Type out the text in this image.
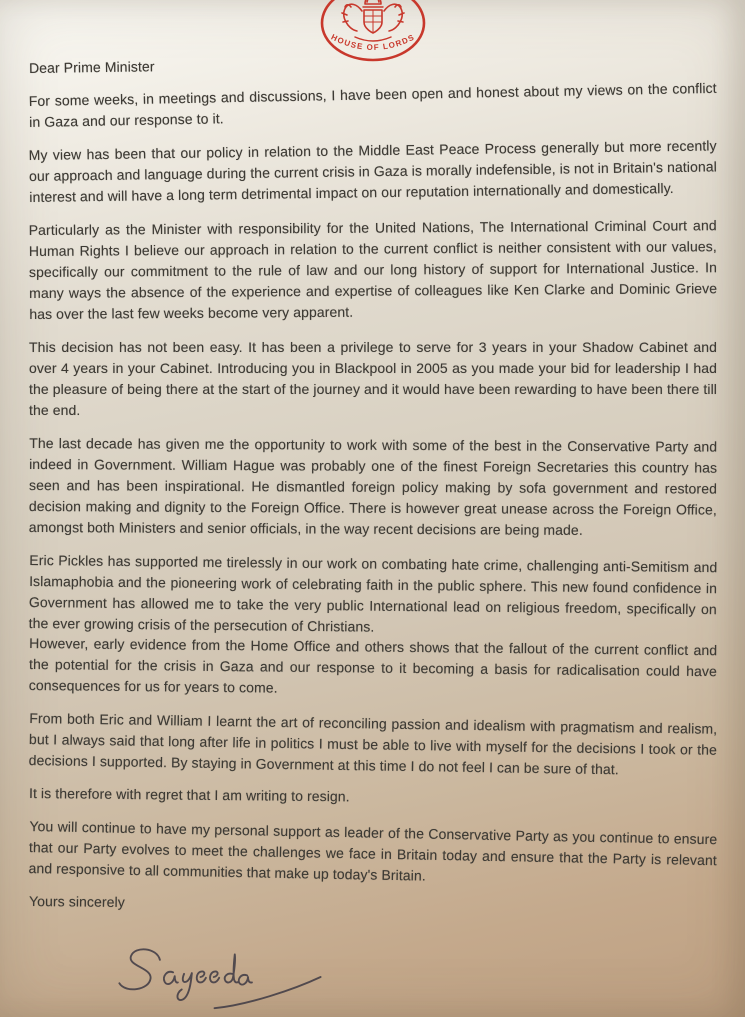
HOUSE OF LORDS

Dear Prime Minister

For some weeks, in meetings and discussions, I have been open and honest about my views on the conflict in Gaza and our response to it.

My view has been that our policy in relation to the Middle East Peace Process generally but more recently our approach and language during the current crisis in Gaza is morally indefensible, is not in Britain's national interest and will have a long term detrimental impact on our reputation internationally and domestically.

Particularly as the Minister with responsibility for the United Nations, The International Criminal Court and Human Rights I believe our approach in relation to the current conflict is neither consistent with our values, specifically our commitment to the rule of law and our long history of support for International Justice. In many ways the absence of the experience and expertise of colleagues like Ken Clarke and Dominic Grieve has over the last few weeks become very apparent.

This decision has not been easy. It has been a privilege to serve for 3 years in your Shadow Cabinet and over 4 years in your Cabinet. Introducing you in Blackpool in 2005 as you made your bid for leadership I had the pleasure of being there at the start of the journey and it would have been rewarding to have been there till the end.

The last decade has given me the opportunity to work with some of the best in the Conservative Party and indeed in Government. William Hague was probably one of the finest Foreign Secretaries this country has seen and has been inspirational. He dismantled foreign policy making by sofa government and restored decision making and dignity to the Foreign Office. There is however great unease across the Foreign Office, amongst both Ministers and senior officials, in the way recent decisions are being made.

Eric Pickles has supported me tirelessly in our work on combating hate crime, challenging anti-Semitism and Islamaphobia and the pioneering work of celebrating faith in the public sphere. This new found confidence in Government has allowed me to take the very public International lead on religious freedom, specifically on the ever growing crisis of the persecution of Christians.

However, early evidence from the Home Office and others shows that the fallout of the current conflict and the potential for the crisis in Gaza and our response to it becoming a basis for radicalisation could have consequences for us for years to come.

From both Eric and William I learnt the art of reconciling passion and idealism with pragmatism and realism, but I always said that long after life in politics I must be able to live with myself for the decisions I took or the decisions I supported. By staying in Government at this time I do not feel I can be sure of that.

It is therefore with regret that I am writing to resign.

You will continue to have my personal support as leader of the Conservative Party as you continue to ensure that our Party evolves to meet the challenges we face in Britain today and ensure that the Party is relevant and responsive to all communities that make up today's Britain.

Yours sincerely
